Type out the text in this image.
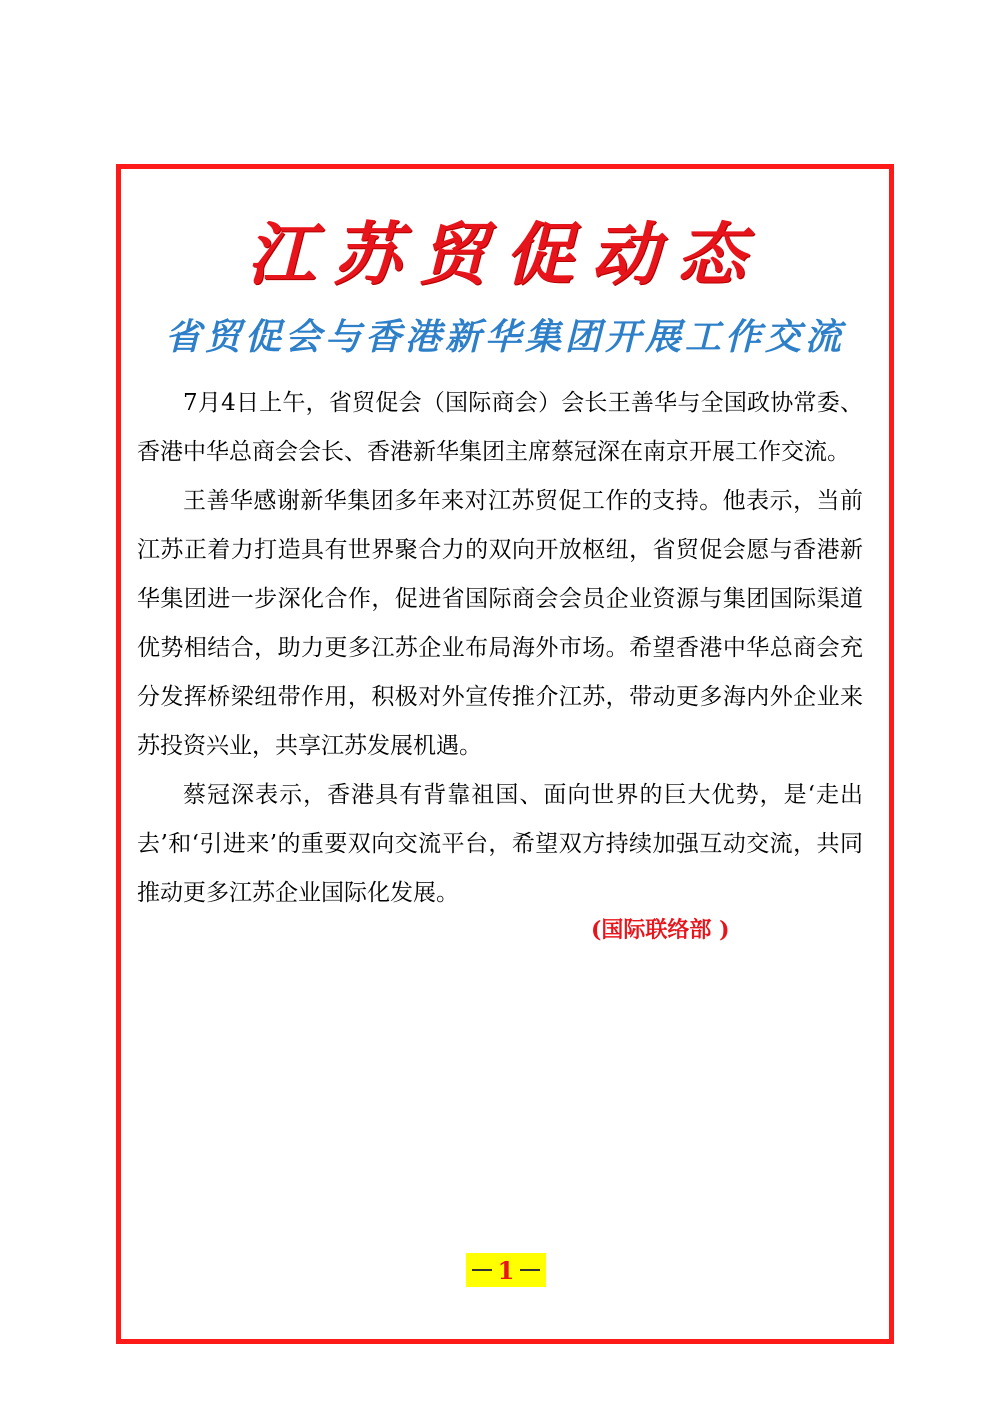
江苏贸促动态
省贸促会与香港新华集团开展工作交流

7月4日上午，省贸促会（国际商会）会长王善华与全国政协常委、香港中华总商会会长、香港新华集团主席蔡冠深在南京开展工作交流。

王善华感谢新华集团多年来对江苏贸促工作的支持。他表示，当前江苏正着力打造具有世界聚合力的双向开放枢纽，省贸促会愿与香港新华集团进一步深化合作，促进省国际商会会员企业资源与集团国际渠道优势相结合，助力更多江苏企业布局海外市场。希望香港中华总商会充分发挥桥梁纽带作用，积极对外宣传推介江苏，带动更多海内外企业来苏投资兴业，共享江苏发展机遇。

蔡冠深表示，香港具有背靠祖国、面向世界的巨大优势，是‘走出去’和‘引进来’的重要双向交流平台，希望双方持续加强互动交流，共同推动更多江苏企业国际化发展。

(国际联络部 )
1
